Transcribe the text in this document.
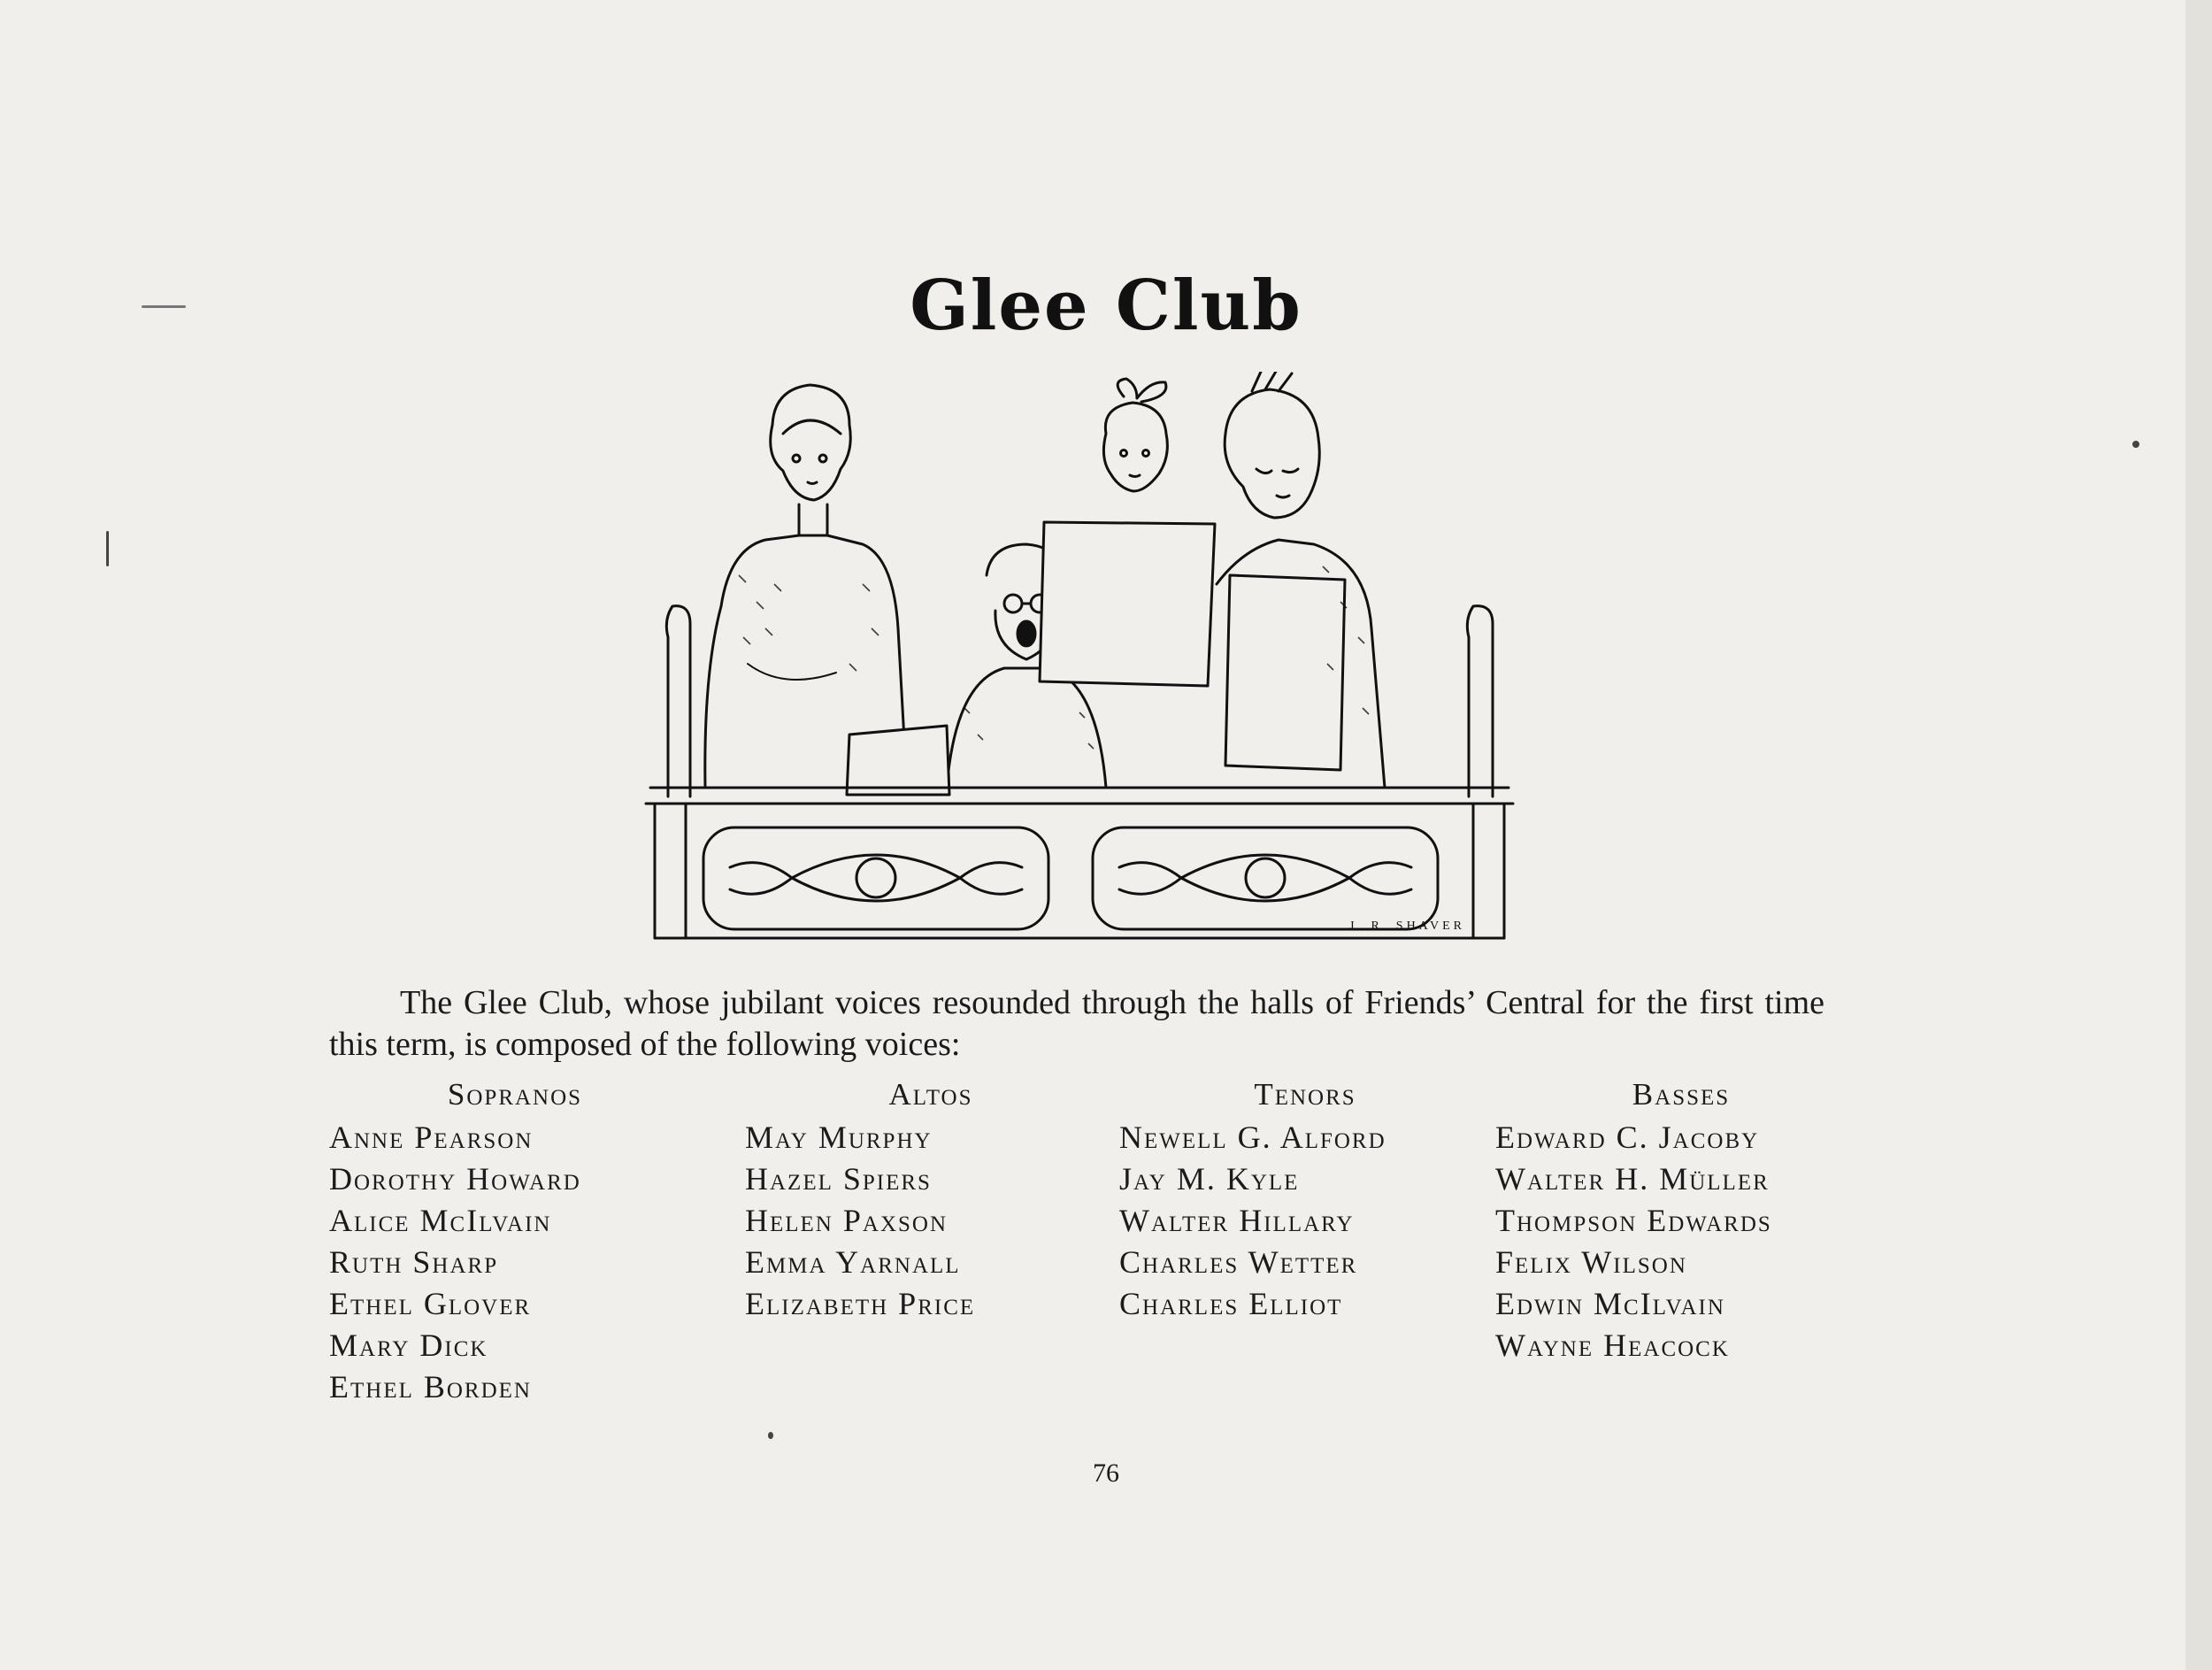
Glee Club
J. R. SHAVER
The Glee Club, whose jubilant voices resounded through the halls of Friends’ Central for the first time this term, is composed of the following voices:
Sopranos
Anne Pearson
Dorothy Howard
Alice McIlvain
Ruth Sharp
Ethel Glover
Mary Dick
Ethel Borden
Altos
May Murphy
Hazel Spiers
Helen Paxson
Emma Yarnall
Elizabeth Price
Tenors
Newell G. Alford
Jay M. Kyle
Walter Hillary
Charles Wetter
Charles Elliot
Basses
Edward C. Jacoby
Walter H. Müller
Thompson Edwards
Felix Wilson
Edwin McIlvain
Wayne Heacock
76
